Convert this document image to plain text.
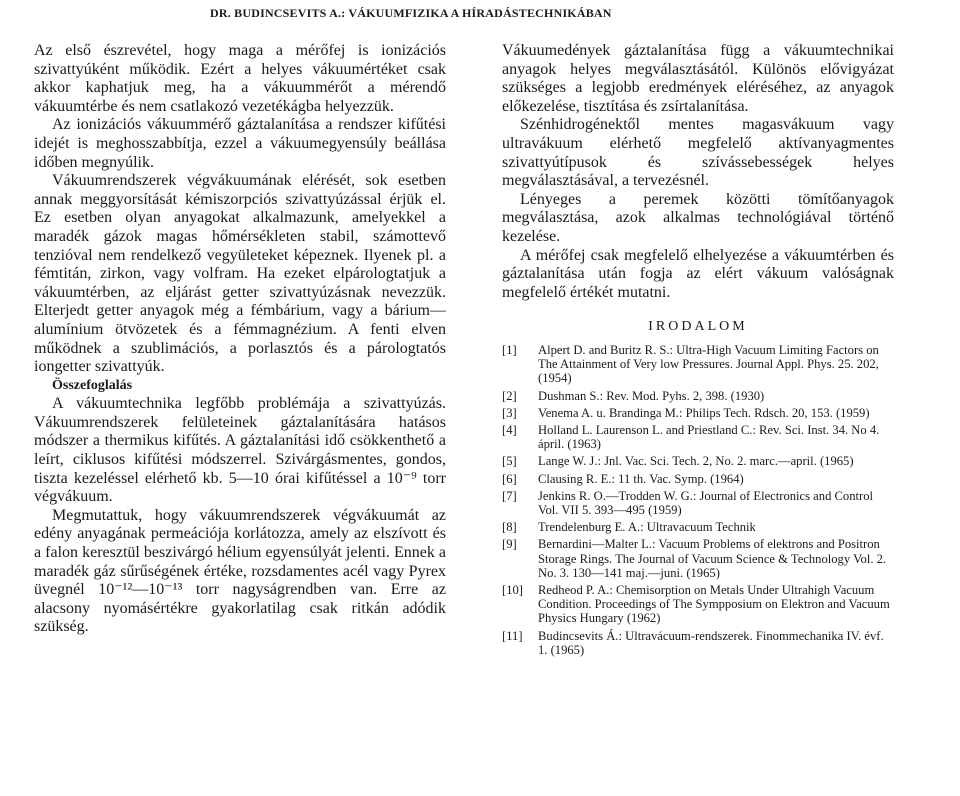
DR. BUDINCSEVITS A.: VÁKUUMFIZIKA A HÍRADÁSTECHNIKÁBAN

Az első észrevétel, hogy maga a mérőfej is ionizációs szivattyúként működik. Ezért a helyes vákuumértéket csak akkor kaphatjuk meg, ha a vákuummérőt a mérendő vákuumtérbe és nem csatlakozó vezetékágba helyezzük.

Az ionizációs vákuummérő gáztalanítása a rendszer kifűtési idejét is meghosszabbítja, ezzel a vákuumegyensúly beállása időben megnyúlik.

Vákuumrendszerek végvákuumának elérését, sok esetben annak meggyorsítását kémiszorpciós szivattyúzással érjük el. Ez esetben olyan anyagokat alkalmazunk, amelyekkel a maradék gázok magas hőmérsékleten stabil, számottevő tenzióval nem rendelkező vegyületeket képeznek. Ilyenek pl. a fémtitán, zirkon, vagy volfram. Ha ezeket elpárologtatjuk a vákuumtérben, az eljárást getter szivattyúzásnak nevezzük. Elterjedt getter anyagok még a fémbárium, vagy a bárium—alumínium ötvözetek és a fémmagnézium. A fenti elven működnek a szublimációs, a porlasztós és a párologtatós iongetter szivattyúk.

Összefoglalás

A vákuumtechnika legfőbb problémája a szivattyúzás. Vákuumrendszerek felületeinek gáztalanítására hatásos módszer a thermikus kifűtés. A gáztalanítási idő csökkenthető a leírt, ciklusos kifűtési módszerrel. Szivárgásmentes, gondos, tiszta kezeléssel elérhető kb. 5—10 órai kifűtéssel a 10⁻⁹ torr végvákuum.

Megmutattuk, hogy vákuumrendszerek végvákuumát az edény anyagának permeációja korlátozza, amely az elszívott és a falon keresztül beszivárgó hélium egyensúlyát jelenti. Ennek a maradék gáz sűrűségének értéke, rozsdamentes acél vagy Pyrex üvegnél 10⁻¹²—10⁻¹³ torr nagyságrendben van. Erre az alacsony nyomásértékre gyakorlatilag csak ritkán adódik szükség.

Vákuumedények gáztalanítása függ a vákuumtechnikai anyagok helyes megválasztásától. Különös elővigyázat szükséges a legjobb eredmények eléréséhez, az anyagok előkezelése, tisztítása és zsírtalanítása.

Szénhidrogénektől mentes magasvákuum vagy ultravákuum elérhető megfelelő aktívanyagmentes szivattyútípusok és szívássebességek helyes megválasztásával, a tervezésnél.

Lényeges a peremek közötti tömítőanyagok megválasztása, azok alkalmas technológiával történő kezelése.

A mérőfej csak megfelelő elhelyezése a vákuumtérben és gáztalanítása után fogja az elért vákuum valóságnak megfelelő értékét mutatni.

IRODALOM
[1]	Alpert D. and Buritz R. S.: Ultra-High Vacuum Limiting Factors on The Attainment of Very low Pressures. Journal Appl. Phys. 25. 202, (1954)
[2]	Dushman S.: Rev. Mod. Pyhs. 2, 398. (1930)
[3]	Venema A. u. Brandinga M.: Philips Tech. Rdsch. 20, 153. (1959)
[4]	Holland L. Laurenson L. and Priestland C.: Rev. Sci. Inst. 34. No 4. ápril. (1963)
[5]	Lange W. J.: Jnl. Vac. Sci. Tech. 2, No. 2. marc.—april. (1965)
[6]	Clausing R. E.: 11 th. Vac. Symp. (1964)
[7]	Jenkins R. O.—Trodden W. G.: Journal of Electronics and Control Vol. VII 5. 393—495 (1959)
[8]	Trendelenburg E. A.: Ultravacuum Technik
[9]	Bernardini—Malter L.: Vacuum Problems of elektrons and Positron Storage Rings. The Journal of Vacuum Science & Technology Vol. 2. No. 3. 130—141 maj.—juni. (1965)
[10]	Redheod P. A.: Chemisorption on Metals Under Ultrahigh Vacuum Condition. Proceedings of The Sympposium on Elektron and Vacuum Physics Hungary (1962)
[11]	Budincsevits Á.: Ultravácuum-rendszerek. Finommechanika IV. évf. 1. (1965)
